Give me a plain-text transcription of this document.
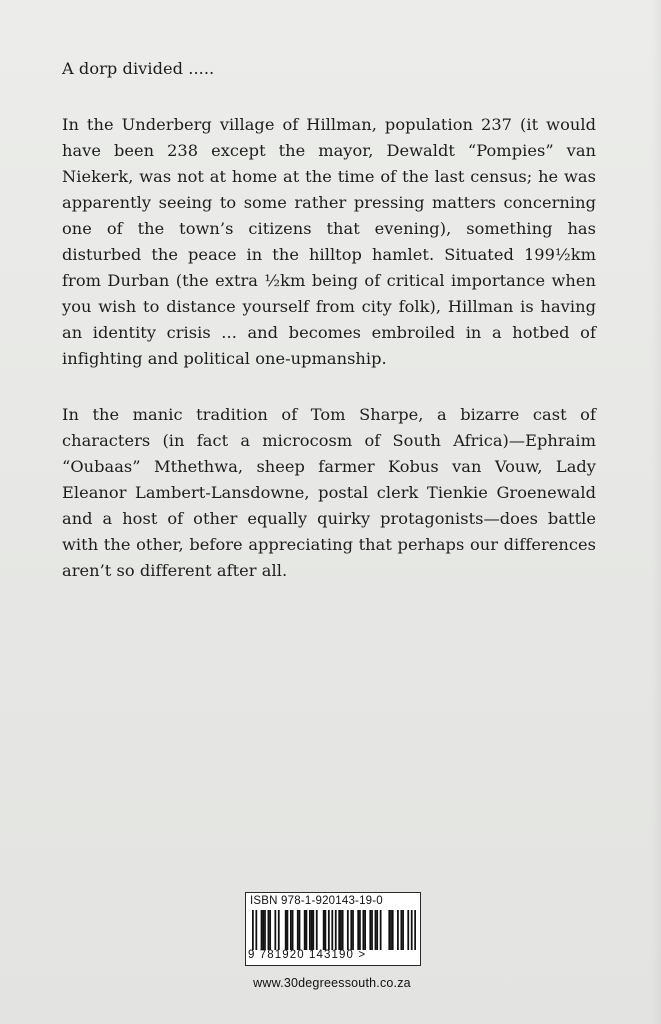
A dorp divided .....

In the Underberg village of Hillman, population 237 (it would have been 238 except the mayor, Dewaldt “Pompies” van Niekerk, was not at home at the time of the last census; he was apparently seeing to some rather pressing matters concerning one of the town’s citizens that evening), something has disturbed the peace in the hilltop hamlet. Situated 199½km from Durban (the extra ½km being of critical importance when you wish to distance yourself from city folk), Hillman is having an identity crisis ... and becomes embroiled in a hotbed of infighting and political one-upmanship.

In the manic tradition of Tom Sharpe, a bizarre cast of characters (in fact a microcosm of South Africa)—Ephraim “Oubaas” Mthethwa, sheep farmer Kobus van Vouw, Lady Eleanor Lambert-Lansdowne, postal clerk Tienkie Groenewald and a host of other equally quirky protagonists—does battle with the other, before appreciating that perhaps our differences aren’t so different after all.

ISBN 978-1-920143-19-0
9 781920 143190 >
www.30degreessouth.co.za
